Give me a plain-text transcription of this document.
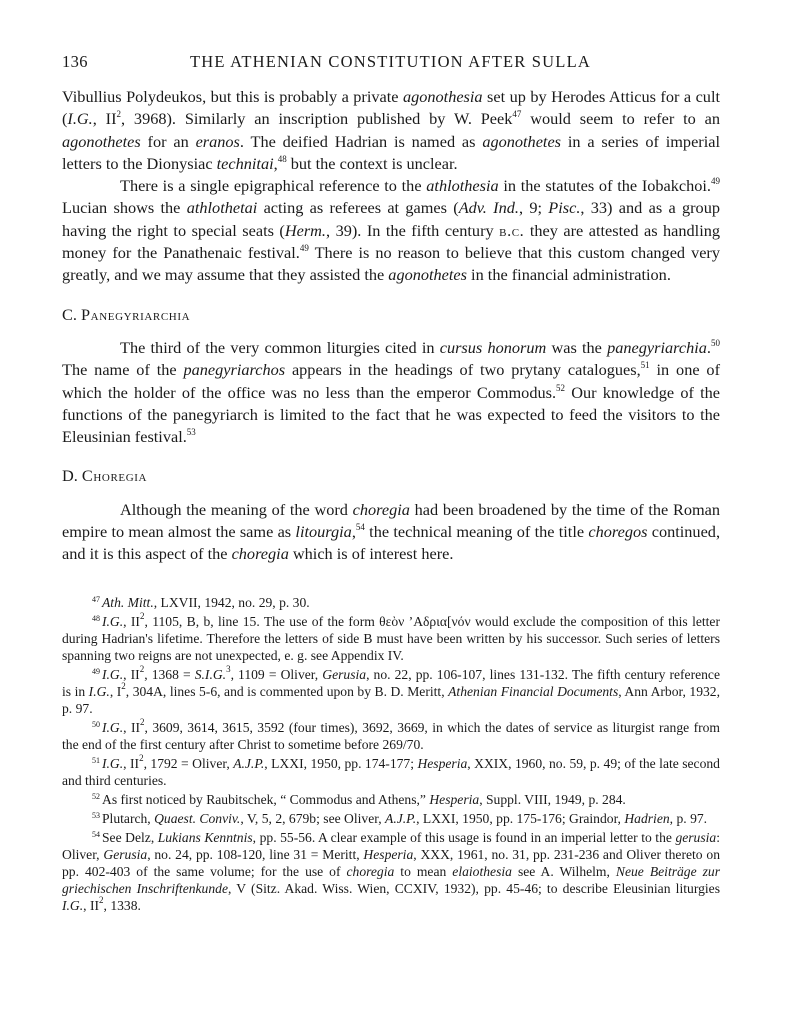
136	THE ATHENIAN CONSTITUTION AFTER SULLA

Vibullius Polydeukos, but this is probably a private agonothesia set up by Herodes Atticus for a cult (I.G., $II^2$, 3968). Similarly an inscription published by W. Peek$^{47}$ would seem to refer to an agonothetes for an eranos. The deified Hadrian is named as agonothetes in a series of imperial letters to the Dionysiac technitai,$^{48}$ but the context is unclear.

There is a single epigraphical reference to the athlothesia in the statutes of the Iobakchoi.$^{49}$ Lucian shows the athlothetai acting as referees at games (Adv. Ind., 9; Pisc., 33) and as a group having the right to special seats (Herm., 39). In the fifth century b.c. they are attested as handling money for the Panathenaic festival.$^{49}$ There is no reason to believe that this custom changed very greatly, and we may assume that they assisted the agonothetes in the financial administration.

C. Panegyriarchia

The third of the very common liturgies cited in cursus honorum was the panegyriarchia.$^{50}$ The name of the panegyriarchos appears in the headings of two prytany catalogues,$^{51}$ in one of which the holder of the office was no less than the emperor Commodus.$^{52}$ Our knowledge of the functions of the panegyriarch is limited to the fact that he was expected to feed the visitors to the Eleusinian festival.$^{53}$

D. Choregia

Although the meaning of the word choregia had been broadened by the time of the Roman empire to mean almost the same as litourgia,$^{54}$ the technical meaning of the title choregos continued, and it is this aspect of the choregia which is of interest here.

$^{47}$ Ath. Mitt., LXVII, 1942, no. 29, p. 30.

$^{48}$ I.G., $II^2$, 1105, B, b, line 15. The use of the form θεὸν ʼΑδρια[νόν would exclude the composition of this letter during Hadrian's lifetime. Therefore the letters of side B must have been written by his successor. Such series of letters spanning two reigns are not unexpected, e. g. see Appendix IV.

$^{49}$ I.G., $II^2$, 1368 = S.I.G.$^3$, 1109 = Oliver, Gerusia, no. 22, pp. 106-107, lines 131-132. The fifth century reference is in I.G., $I^2$, 304A, lines 5-6, and is commented upon by B. D. Meritt, Athenian Financial Documents, Ann Arbor, 1932, p. 97.

$^{50}$ I.G., $II^2$, 3609, 3614, 3615, 3592 (four times), 3692, 3669, in which the dates of service as liturgist range from the end of the first century after Christ to sometime before 269/70.

$^{51}$ I.G., $II^2$, 1792 = Oliver, A.J.P., LXXI, 1950, pp. 174-177; Hesperia, XXIX, 1960, no. 59, p. 49; of the late second and third centuries.

$^{52}$ As first noticed by Raubitschek, “ Commodus and Athens,” Hesperia, Suppl. VIII, 1949, p. 284.

$^{53}$ Plutarch, Quaest. Conviv., V, 5, 2, 679b; see Oliver, A.J.P., LXXI, 1950, pp. 175-176; Graindor, Hadrien, p. 97.

$^{54}$ See Delz, Lukians Kenntnis, pp. 55-56. A clear example of this usage is found in an imperial letter to the gerusia: Oliver, Gerusia, no. 24, pp. 108-120, line 31 = Meritt, Hesperia, XXX, 1961, no. 31, pp. 231-236 and Oliver thereto on pp. 402-403 of the same volume; for the use of choregia to mean elaiothesia see A. Wilhelm, Neue Beiträge zur griechischen Inschriftenkunde, V (Sitz. Akad. Wiss. Wien, CCXIV, 1932), pp. 45-46; to describe Eleusinian liturgies I.G., $II^2$, 1338.
